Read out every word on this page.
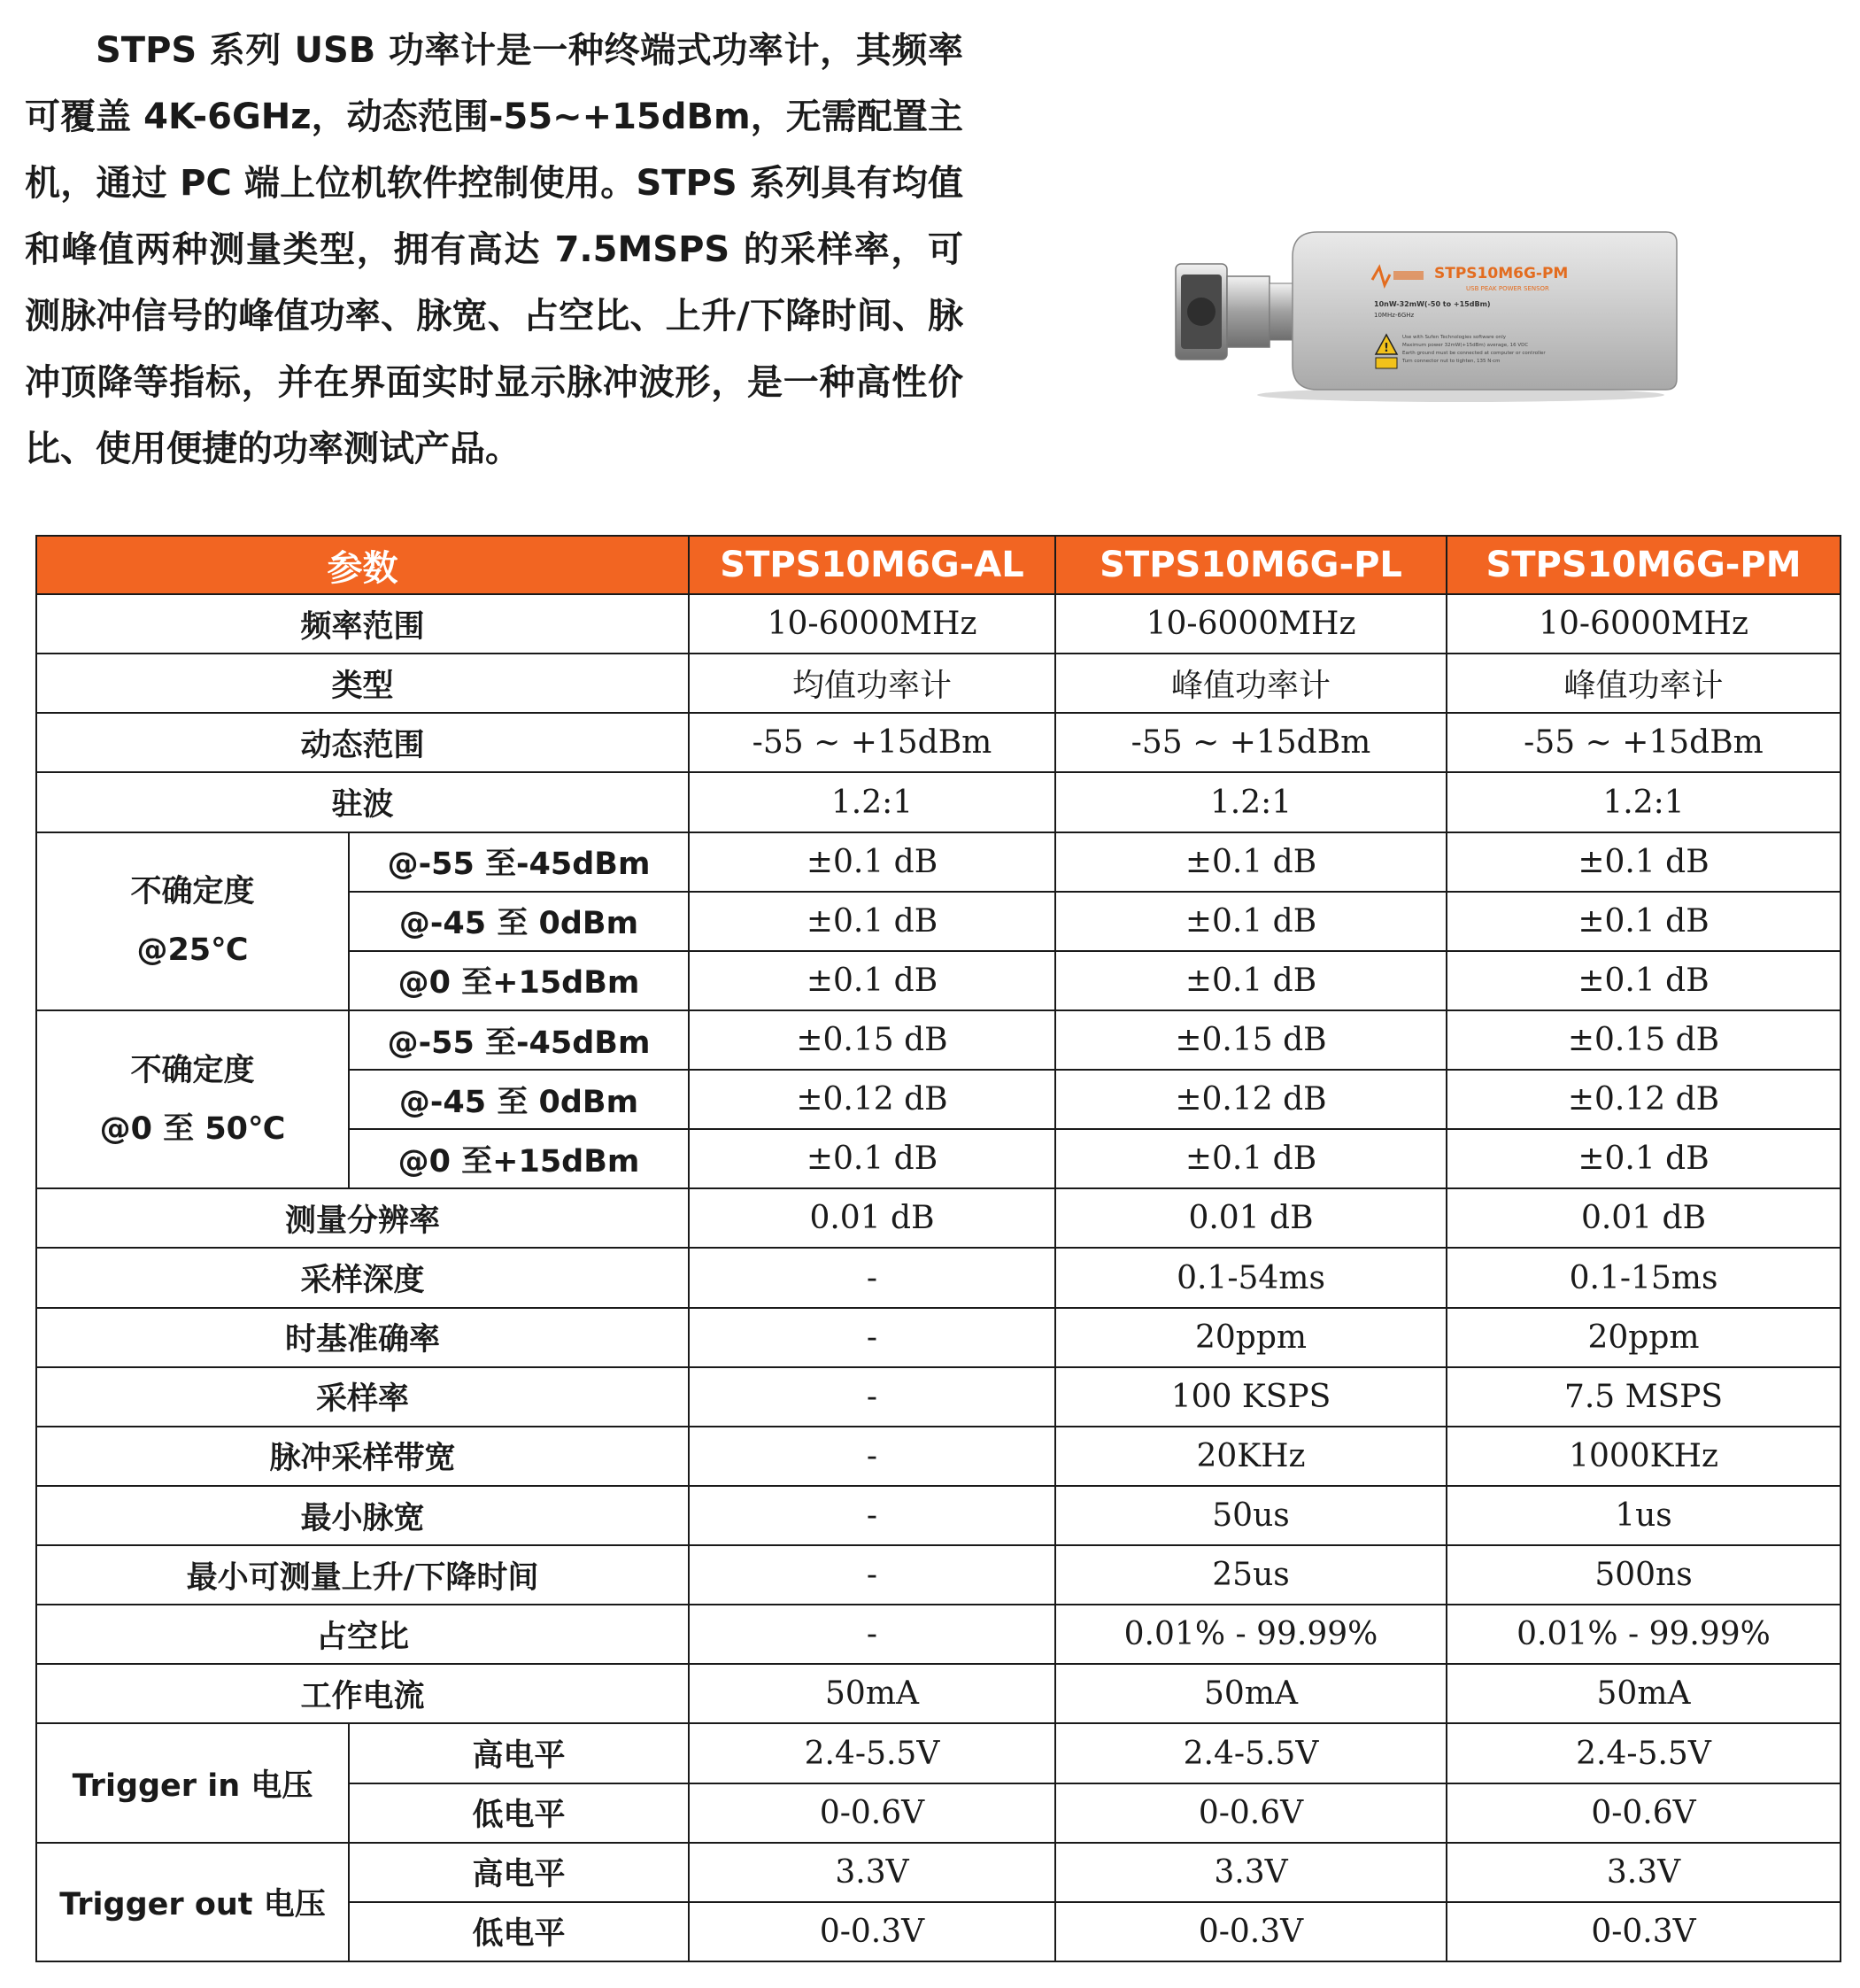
STPS 系列 USB 功率计是一种终端式功率计，其频率可覆盖 4K-6GHz，动态范围-55~+15dBm，无需配置主机，通过 PC 端上位机软件控制使用。STPS 系列具有均值和峰值两种测量类型，拥有高达 7.5MSPS 的采样率，可测脉冲信号的峰值功率、脉宽、占空比、上升/下降时间、脉冲顶降等指标，并在界面实时显示脉冲波形，是一种高性价比、使用便捷的功率测试产品。

STPS10M6G-PM
USB PEAK POWER SENSOR
10nW-32mW(-50 to +15dBm)
10MHz-6GHz
!
Use with Sufen Technologies software only
Maximum power 32mW(+15dBm) average, 16 VDC
Earth ground must be connected at computer or controller
Turn connector nut to tighten, 135 N·cm
参数		STPS10M6G-AL	STPS10M6G-PL	STPS10M6G-PM
频率范围		10-6000MHz	10-6000MHz	10-6000MHz
类型		均值功率计	峰值功率计	峰值功率计
动态范围		-55 ~ +15dBm	-55 ~ +15dBm	-55 ~ +15dBm
驻波		1.2:1	1.2:1	1.2:1
不确定度
@25℃	@-55 至-45dBm	±0.1 dB	±0.1 dB	±0.1 dB
	@-45 至 0dBm	±0.1 dB	±0.1 dB	±0.1 dB
	@0 至+15dBm	±0.1 dB	±0.1 dB	±0.1 dB
不确定度
@0 至 50℃	@-55 至-45dBm	±0.15 dB	±0.15 dB	±0.15 dB
	@-45 至 0dBm	±0.12 dB	±0.12 dB	±0.12 dB
	@0 至+15dBm	±0.1 dB	±0.1 dB	±0.1 dB
测量分辨率		0.01 dB	0.01 dB	0.01 dB
采样深度		-	0.1-54ms	0.1-15ms
时基准确率		-	20ppm	20ppm
采样率		-	100 KSPS	7.5 MSPS
脉冲采样带宽		-	20KHz	1000KHz
最小脉宽		-	50us	1us
最小可测量上升/下降时间		-	25us	500ns
占空比		-	0.01% - 99.99%	0.01% - 99.99%
工作电流		50mA	50mA	50mA
Trigger in 电压	高电平	2.4-5.5V	2.4-5.5V	2.4-5.5V
	低电平	0-0.6V	0-0.6V	0-0.6V
Trigger out 电压	高电平	3.3V	3.3V	3.3V
	低电平	0-0.3V	0-0.3V	0-0.3V
